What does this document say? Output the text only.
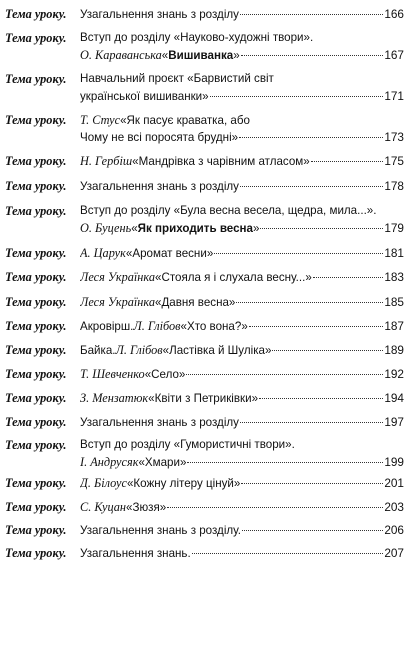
Тема уроку. Узагальнення знань з розділу	166
Тема уроку. Вступ до розділу «Науково-художні твори».
О. Караванська « Вишиванка »	167
Тема уроку. Навчальний проєкт «Барвистий світ
української вишиванки»	171
Тема уроку. Т. Стус «Як пасує краватка, або
Чому не всі поросята брудні»	173
Тема уроку. Н. Гербіш «Мандрівка з чарівним атласом»	175
Тема уроку. Узагальнення знань з розділу	178
Тема уроку. Вступ до розділу «Була весна весела, щедра, мила...».
О. Буцень « Як приходить весна »	179
Тема уроку. А. Царук «Аромат весни»	181
Тема уроку. Леся Українка «Стояла я і слухала весну...»	183
Тема уроку. Леся Українка «Давня весна»	185
Тема уроку. Акровірш. Л. Глібов «Хто вона?»	187
Тема уроку. Байка. Л. Глібов «Ластівка й Шуліка»	189
Тема уроку. Т. Шевченко «Село»	192
Тема уроку. З. Мензатюк «Квіти з Петриківки»	194
Тема уроку. Узагальнення знань з розділу	197
Тема уроку. Вступ до розділу «Гумористичні твори».
І. Андрусяк «Хмари»	199
Тема уроку. Д. Білоус «Кожну літеру цінуй»	201
Тема уроку. С. Куцан «Зюзя»	203
Тема уроку. Узагальнення знань з розділу.	206
Тема уроку. Узагальнення знань.	207
